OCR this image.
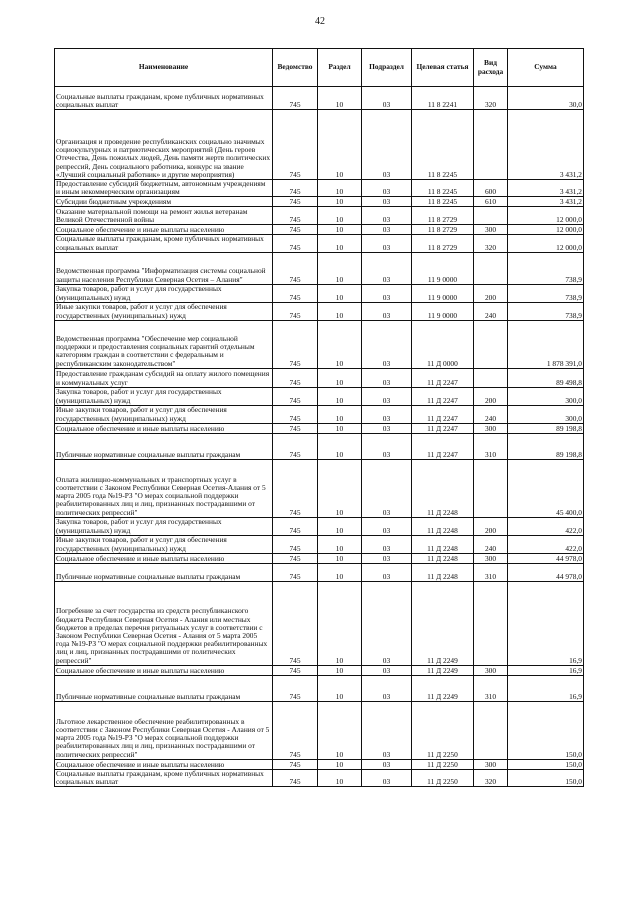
42
Наименование	Ведомство	Раздел	Подраздел	Целевая статья	Вид расхода	Сумма
Социальные выплаты гражданам, кроме публичных нормативных социальных выплат	745	10	03	11 8 2241	320	30,0
Организация и проведение республиканских социально значимых социокультурных и патриотических мероприятий (День героев Отечества, День пожилых людей, День памяти жертв политических репрессий, День социального работника, конкурс на звание «Лучший социальный работник» и другие мероприятия)	745	10	03	11 8 2245		3 431,2
Предоставление субсидий бюджетным, автономным учреждениям и иным некоммерческим организациям	745	10	03	11 8 2245	600	3 431,2
Субсидии бюджетным учреждениям	745	10	03	11 8 2245	610	3 431,2
Оказание материальной помощи на ремонт жилья ветеранам Великой Отечественной войны	745	10	03	11 8 2729		12 000,0
Социальное обеспечение и иные выплаты населению	745	10	03	11 8 2729	300	12 000,0
Социальные выплаты гражданам, кроме публичных нормативных социальных выплат	745	10	03	11 8 2729	320	12 000,0
Ведомственная программа "Информатизация системы социальной защиты населения Республики Северная Осетия – Алания"	745	10	03	11 9 0000		738,9
Закупка товаров, работ и услуг для государственных (муниципальных) нужд	745	10	03	11 9 0000	200	738,9
Иные закупки товаров, работ и услуг для обеспечения государственных (муниципальных) нужд	745	10	03	11 9 0000	240	738,9
Ведомственная программа "Обеспечение мер социальной поддержки и предоставления социальных гарантий отдельным категориям граждан в соответствии с федеральным и республиканским законодательством"	745	10	03	11 Д 0000		1 878 391,0
Предоставление гражданам субсидий на оплату жилого помещения и коммунальных услуг	745	10	03	11 Д 2247		89 498,8
Закупка товаров, работ и услуг для государственных (муниципальных) нужд	745	10	03	11 Д 2247	200	300,0
Иные закупки товаров, работ и услуг для обеспечения государственных (муниципальных) нужд	745	10	03	11 Д 2247	240	300,0
Социальное обеспечение и иные выплаты населению	745	10	03	11 Д 2247	300	89 198,8
Публичные нормативные социальные выплаты гражданам	745	10	03	11 Д 2247	310	89 198,8
Оплата жилищно-коммунальных и транспортных услуг в соответствии с Законом Республики Северная Осетия-Алания от 5 марта 2005 года №19-РЗ "О мерах социальной поддержки реабилитированных лиц и лиц, признанных пострадавшими от политических репрессий"	745	10	03	11 Д 2248		45 400,0
Закупка товаров, работ и услуг для государственных (муниципальных) нужд	745	10	03	11 Д 2248	200	422,0
Иные закупки товаров, работ и услуг для обеспечения государственных (муниципальных) нужд	745	10	03	11 Д 2248	240	422,0
Социальное обеспечение и иные выплаты населению	745	10	03	11 Д 2248	300	44 978,0
Публичные нормативные социальные выплаты гражданам	745	10	03	11 Д 2248	310	44 978,0
Погребение за счет государства из средств республиканского бюджета Республики Северная Осетия - Алания или местных бюджетов в пределах перечня ритуальных услуг в соответствии с Законом Республики Северная Осетия - Алания от 5 марта 2005 года №19-РЗ "О мерах социальной поддержки реабилитированных лиц и лиц, признанных пострадавшими от политических репрессий"	745	10	03	11 Д 2249		16,9
Социальное обеспечение и иные выплаты населению	745	10	03	11 Д 2249	300	16,9
Публичные нормативные социальные выплаты гражданам	745	10	03	11 Д 2249	310	16,9
Льготное лекарственное обеспечение реабилитированных в соответствии с Законом Республики Северная Осетия - Алания от 5 марта 2005 года №19-РЗ "О мерах социальной поддержки реабилитированных лиц и лиц, признанных пострадавшими от политических репрессий"	745	10	03	11 Д 2250		150,0
Социальное обеспечение и иные выплаты населению	745	10	03	11 Д 2250	300	150,0
Социальные выплаты гражданам, кроме публичных нормативных социальных выплат	745	10	03	11 Д 2250	320	150,0
